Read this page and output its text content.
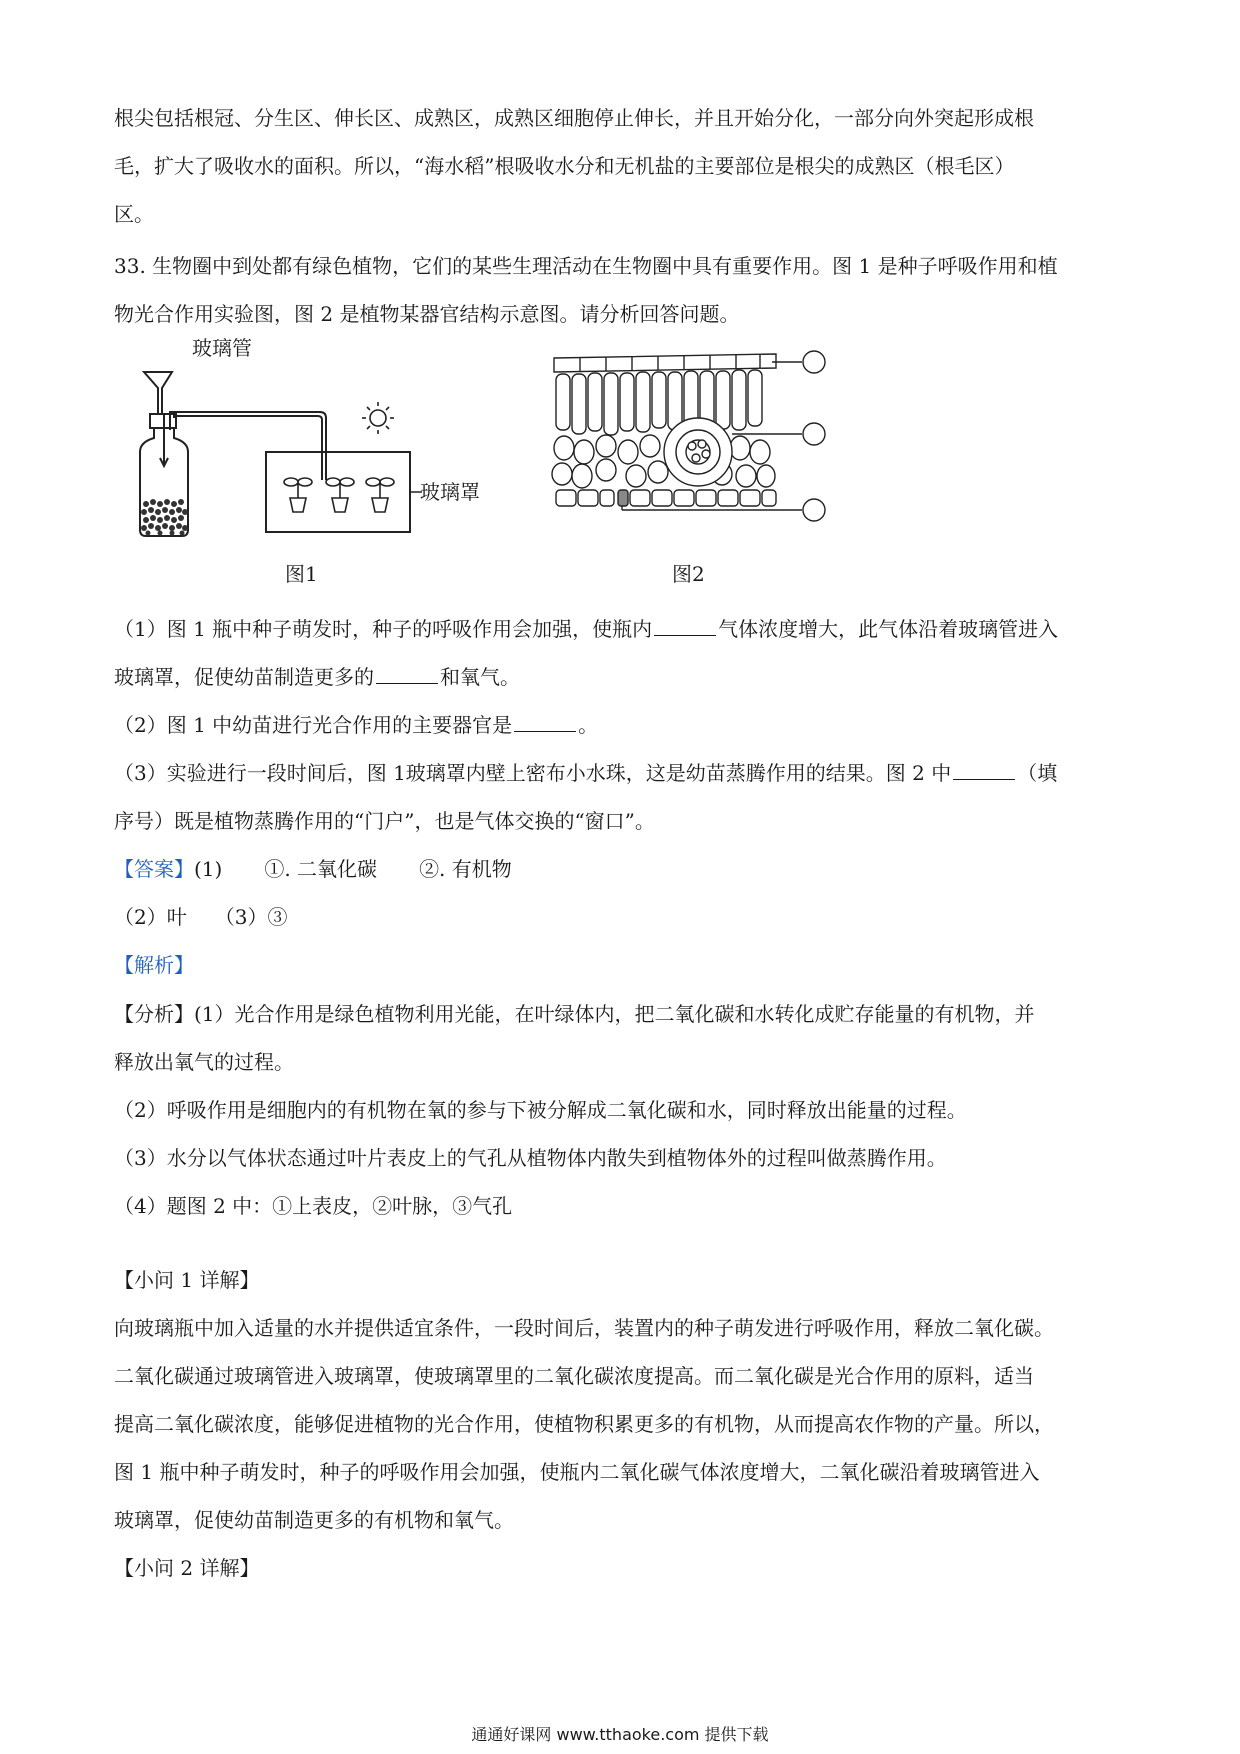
根尖包括根冠、分生区、伸长区、成熟区，成熟区细胞停止伸长，并且开始分化，一部分向外突起形成根
毛，扩大了吸收水的面积。所以，“海水稻”根吸收水分和无机盐的主要部位是根尖的成熟区（根毛区）
区。
33. 生物圈中到处都有绿色植物，它们的某些生理活动在生物圈中具有重要作用。图 1 是种子呼吸作用和植
物光合作用实验图，图 2 是植物某器官结构示意图。请分析回答问题。
玻璃管
玻璃罩
图1	图2
（1）图 1 瓶中种子萌发时，种子的呼吸作用会加强，使瓶内	气体浓度增大，此气体沿着玻璃管进入
玻璃罩，促使幼苗制造更多的	和氧气。
（2）图 1 中幼苗进行光合作用的主要器官是	。
（3）实验进行一段时间后，图 1玻璃罩内壁上密布小水珠，这是幼苗蒸腾作用的结果。图 2 中	（填
序号）既是植物蒸腾作用的“门户”，也是气体交换的“窗口”。
【答案】(1) ①. 二氧化碳 ②. 有机物
（2）叶 （3）③
【解析】
【分析】(1）光合作用是绿色植物利用光能，在叶绿体内，把二氧化碳和水转化成贮存能量的有机物，并
释放出氧气的过程。
（2）呼吸作用是细胞内的有机物在氧的参与下被分解成二氧化碳和水，同时释放出能量的过程。
（3）水分以气体状态通过叶片表皮上的气孔从植物体内散失到植物体外的过程叫做蒸腾作用。
（4）题图 2 中：①上表皮，②叶脉，③气孔
【小问 1 详解】
向玻璃瓶中加入适量的水并提供适宜条件，一段时间后，装置内的种子萌发进行呼吸作用，释放二氧化碳。
二氧化碳通过玻璃管进入玻璃罩，使玻璃罩里的二氧化碳浓度提高。而二氧化碳是光合作用的原料，适当
提高二氧化碳浓度，能够促进植物的光合作用，使植物积累更多的有机物，从而提高农作物的产量。所以，
图 1 瓶中种子萌发时，种子的呼吸作用会加强，使瓶内二氧化碳气体浓度增大，二氧化碳沿着玻璃管进入
玻璃罩，促使幼苗制造更多的有机物和氧气。
【小问 2 详解】
通通好课网 www.tthaoke.com 提供下载
